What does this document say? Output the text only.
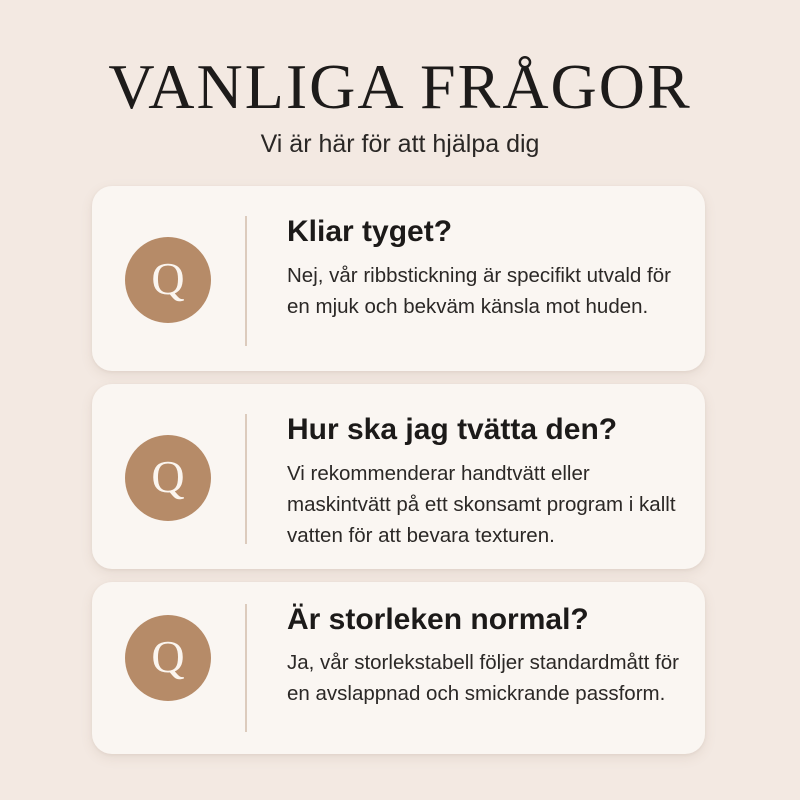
VANLIGA FRÅGOR
Vi är här för att hjälpa dig
Q
Kliar tyget?
Nej, vår ribbstickning är specifikt utvald för en mjuk och bekväm känsla mot huden.
Q
Hur ska jag tvätta den?
Vi rekommenderar handtvätt eller maskintvätt på ett skonsamt program i kallt vatten för att bevara texturen.
Q
Är storleken normal?
Ja, vår storlekstabell följer standardmått för en avslappnad och smickrande passform.
